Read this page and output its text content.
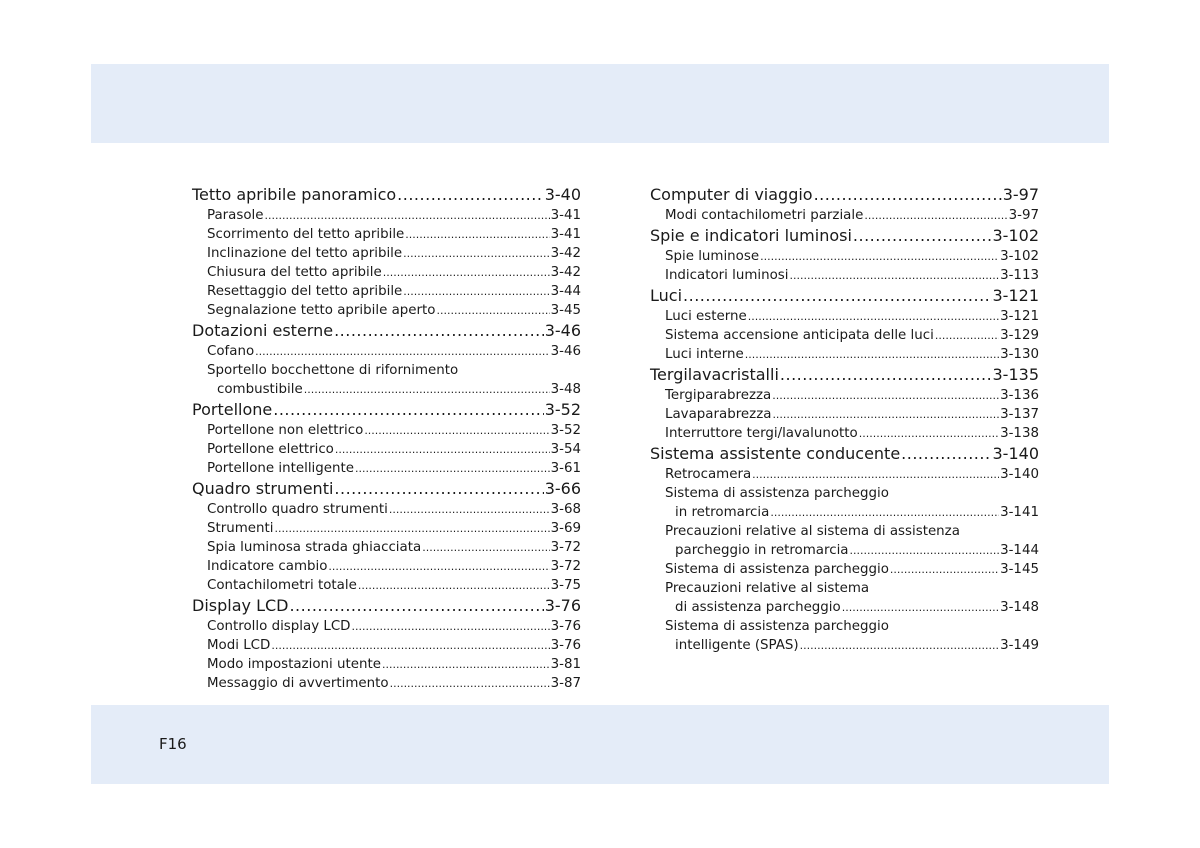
Tetto apribile panoramico .....	3-40
Parasole .....	3-41
Scorrimento del tetto apribile .....	3-41
Inclinazione del tetto apribile .....	3-42
Chiusura del tetto apribile .....	3-42
Resettaggio del tetto apribile .....	3-44
Segnalazione tetto apribile aperto .....	3-45
Dotazioni esterne .....	3-46
Cofano .....	3-46
Sportello bocchettone di rifornimento
combustibile .....	3-48
Portellone .....	3-52
Portellone non elettrico .....	3-52
Portellone elettrico .....	3-54
Portellone intelligente .....	3-61
Quadro strumenti .....	3-66
Controllo quadro strumenti .....	3-68
Strumenti .....	3-69
Spia luminosa strada ghiacciata .....	3-72
Indicatore cambio .....	3-72
Contachilometri totale .....	3-75
Display LCD .....	3-76
Controllo display LCD .....	3-76
Modi LCD .....	3-76
Modo impostazioni utente .....	3-81
Messaggio di avvertimento .....	3-87
Computer di viaggio .....	3-97
Modi contachilometri parziale .....	3-97
Spie e indicatori luminosi .....	3-102
Spie luminose .....	3-102
Indicatori luminosi .....	3-113
Luci .....	3-121
Luci esterne .....	3-121
Sistema accensione anticipata delle luci .....	3-129
Luci interne .....	3-130
Tergilavacristalli .....	3-135
Tergiparabrezza .....	3-136
Lavaparabrezza .....	3-137
Interruttore tergi/lavalunotto .....	3-138
Sistema assistente conducente .....	3-140
Retrocamera .....	3-140
Sistema di assistenza parcheggio
in retromarcia .....	3-141
Precauzioni relative al sistema di assistenza
parcheggio in retromarcia .....	3-144
Sistema di assistenza parcheggio .....	3-145
Precauzioni relative al sistema
di assistenza parcheggio .....	3-148
Sistema di assistenza parcheggio
intelligente (SPAS) .....	3-149
F16
